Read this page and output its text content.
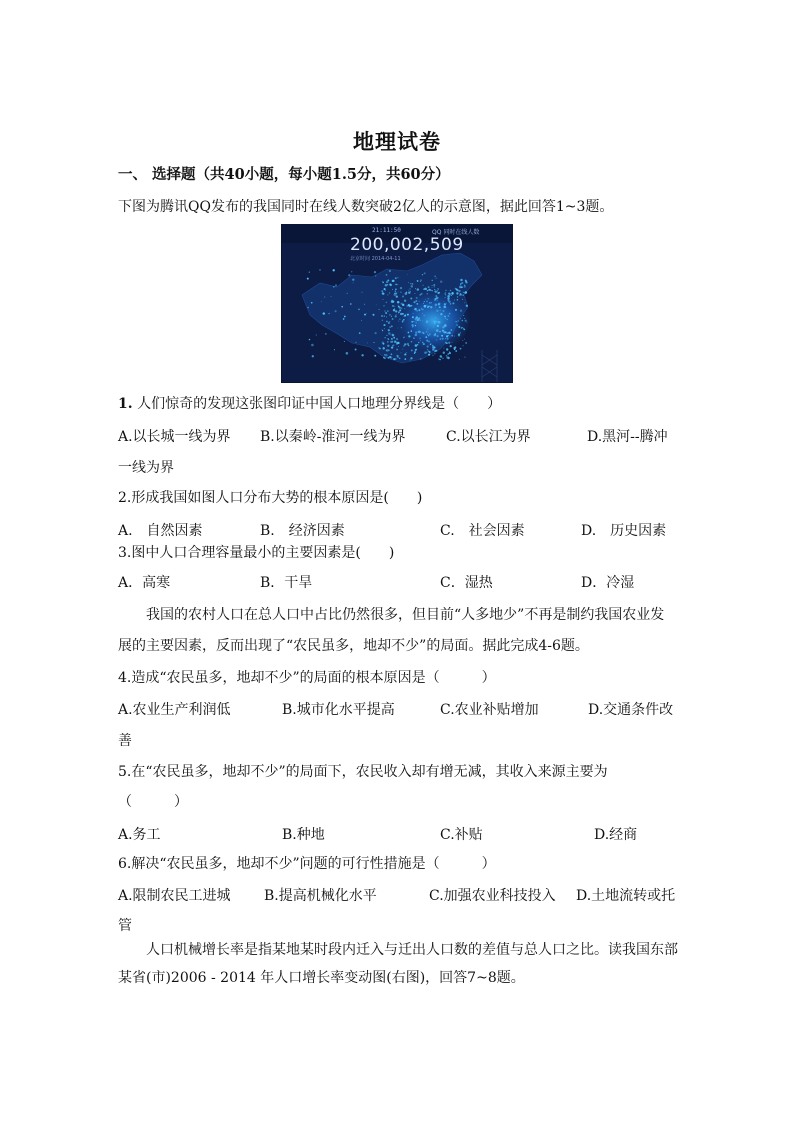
地理试卷
一、 选择题（共40小题，每小题1.5分，共60分）
下图为腾讯QQ发布的我国同时在线人数突破2亿人的示意图，据此回答1~3题。
21:11:50	QQ 同时在线人数
200,002,509
北京时间 2014-04-11
1. 人们惊奇的发现这张图印证中国人口地理分界线是（　　）
A.以长城一线为界 B.以秦岭-淮河一线为界	C.以长江为界	D.黑河--腾冲
一线为界
2.形成我国如图人口分布大势的根本原因是(　　)
A.　自然因素	B.　经济因素	C.　社会因素	D.　历史因素
3.图中人口合理容量最小的主要因素是(　　)
A．高寒	B．干旱	C．湿热	D．冷湿
　　我国的农村人口在总人口中占比仍然很多，但目前“人多地少”不再是制约我国农业发
展的主要因素，反而出现了“农民虽多，地却不少”的局面。据此完成4-6题。
4.造成“农民虽多，地却不少”的局面的根本原因是（　　　）
A.农业生产利润低	B.城市化水平提高	C.农业补贴增加	D.交通条件改
善
5.在“农民虽多，地却不少”的局面下，农民收入却有增无减，其收入来源主要为
（　　　）
A.务工	B.种地	C.补贴	D.经商
6.解决“农民虽多，地却不少”问题的可行性措施是（　　　）
A.限制农民工进城 B.提高机械化水平	C.加强农业科技投入 D.土地流转或托
管
　　人口机械增长率是指某地某时段内迁入与迁出人口数的差值与总人口之比。读我国东部
某省(市)2006 - 2014 年人口增长率变动图(右图)，回答7~8题。
